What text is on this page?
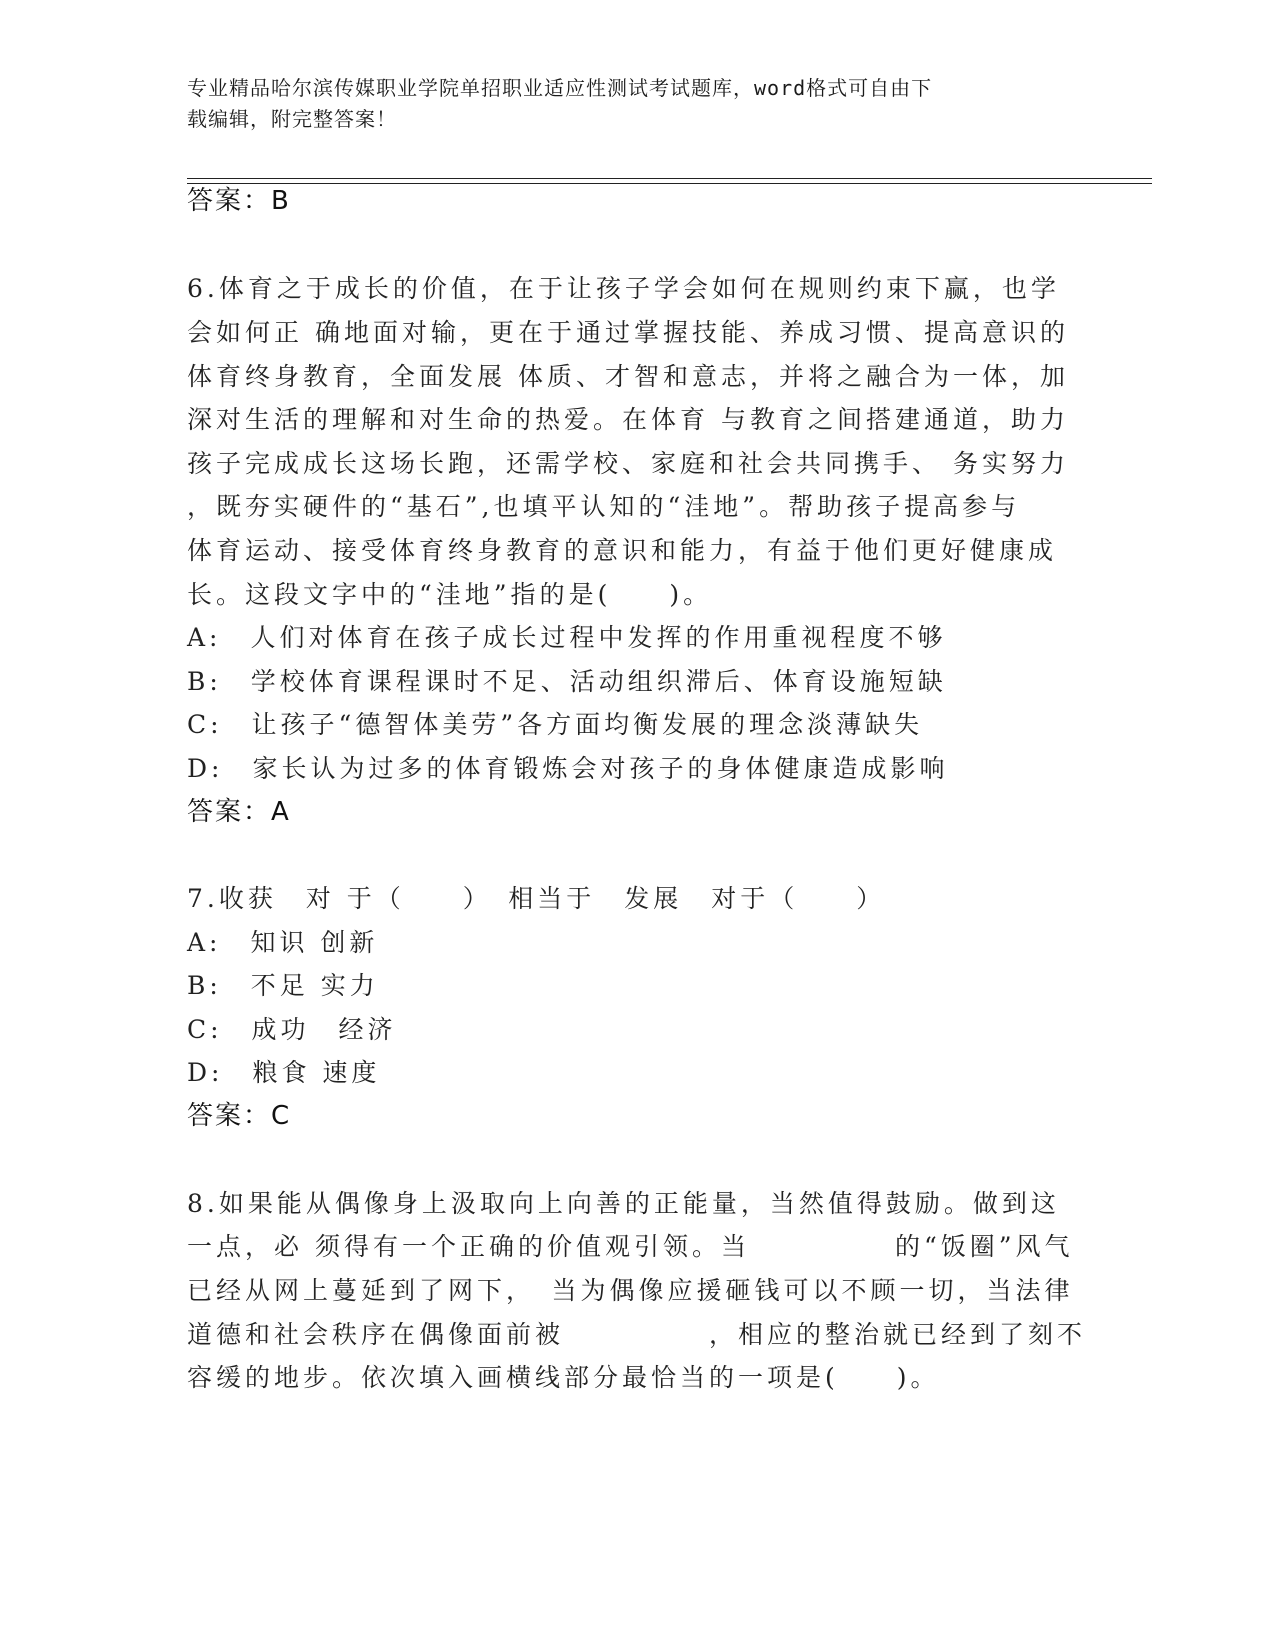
专业精品哈尔滨传媒职业学院单招职业适应性测试考试题库，word格式可自由下
载编辑，附完整答案！
答案：B
6.体育之于成长的价值，在于让孩子学会如何在规则约束下赢，也学
会如何正 确地面对输，更在于通过掌握技能、养成习惯、提高意识的
体育终身教育，全面发展 体质、才智和意志，并将之融合为一体，加
深对生活的理解和对生命的热爱。在体育 与教育之间搭建通道，助力
孩子完成成长这场长跑，还需学校、家庭和社会共同携手、 务实努力
，既夯实硬件的“基石”,也填平认知的“洼地”。帮助孩子提高参与
体育运动、接受体育终身教育的意识和能力，有益于他们更好健康成
长。这段文字中的“洼地”指的是(　　)。
A:　人们对体育在孩子成长过程中发挥的作用重视程度不够
B:　学校体育课程课时不足、活动组织滞后、体育设施短缺
C:　让孩子“德智体美劳”各方面均衡发展的理念淡薄缺失
D:　家长认为过多的体育锻炼会对孩子的身体健康造成影响
答案：A
7.收获　对 于（　　）　相当于　发展　对于（　　）
A:　知识 创新
B:　不足 实力
C:　成功　经济
D:　粮食 速度
答案：C
8.如果能从偶像身上汲取向上向善的正能量，当然值得鼓励。做到这
一点，必 须得有一个正确的价值观引领。当　　　　　的“饭圈”风气
已经从网上蔓延到了网下，　当为偶像应援砸钱可以不顾一切，当法律
道德和社会秩序在偶像面前被　　　　　，相应的整治就已经到了刻不
容缓的地步。依次填入画横线部分最恰当的一项是(　　)。
